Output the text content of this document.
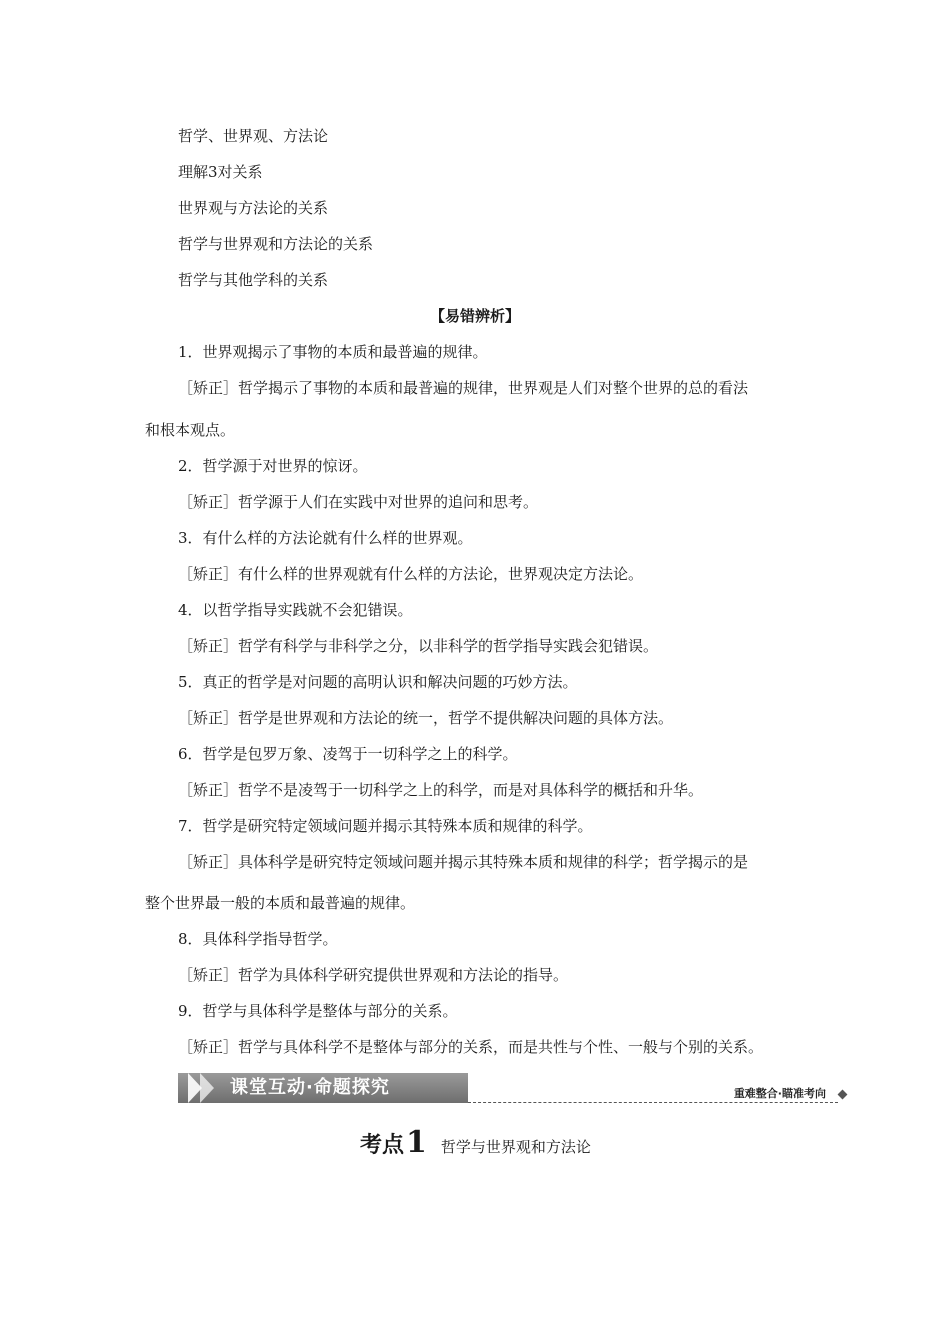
哲学、世界观、方法论
理解3对关系
世界观与方法论的关系
哲学与世界观和方法论的关系
哲学与其他学科的关系
【易错辨析】
1．世界观揭示了事物的本质和最普遍的规律。
［矫正］哲学揭示了事物的本质和最普遍的规律，世界观是人们对整个世界的总的看法
和根本观点。
2．哲学源于对世界的惊讶。
［矫正］哲学源于人们在实践中对世界的追问和思考。
3．有什么样的方法论就有什么样的世界观。
［矫正］有什么样的世界观就有什么样的方法论，世界观决定方法论。
4．以哲学指导实践就不会犯错误。
［矫正］哲学有科学与非科学之分，以非科学的哲学指导实践会犯错误。
5．真正的哲学是对问题的高明认识和解决问题的巧妙方法。
［矫正］哲学是世界观和方法论的统一，哲学不提供解决问题的具体方法。
6．哲学是包罗万象、凌驾于一切科学之上的科学。
［矫正］哲学不是凌驾于一切科学之上的科学，而是对具体科学的概括和升华。
7．哲学是研究特定领域问题并揭示其特殊本质和规律的科学。
［矫正］具体科学是研究特定领域问题并揭示其特殊本质和规律的科学；哲学揭示的是
整个世界最一般的本质和最普遍的规律。
8．具体科学指导哲学。
［矫正］哲学为具体科学研究提供世界观和方法论的指导。
9．哲学与具体科学是整体与部分的关系。
［矫正］哲学与具体科学不是整体与部分的关系，而是共性与个性、一般与个别的关系。
课堂互动·命题探究	重难整合·瞄准考向
考点 1 哲学与世界观和方法论
